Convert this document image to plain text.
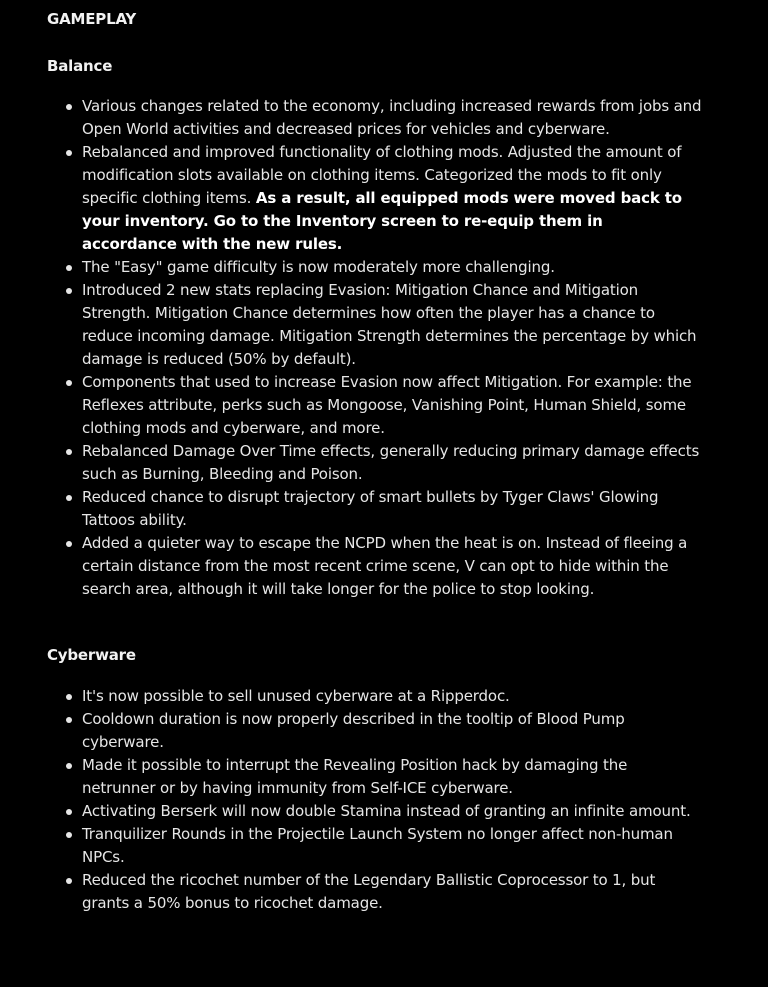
GAMEPLAY
Balance
Various changes related to the economy, including increased rewards from jobs and Open World activities and decreased prices for vehicles and cyberware.
Rebalanced and improved functionality of clothing mods. Adjusted the amount of modification slots available on clothing items. Categorized the mods to fit only specific clothing items. As a result, all equipped mods were moved back to your inventory. Go to the Inventory screen to re-equip them in accordance with the new rules.
The "Easy" game difficulty is now moderately more challenging.
Introduced 2 new stats replacing Evasion: Mitigation Chance and Mitigation Strength. Mitigation Chance determines how often the player has a chance to reduce incoming damage. Mitigation Strength determines the percentage by which damage is reduced (50% by default).
Components that used to increase Evasion now affect Mitigation. For example: the Reflexes attribute, perks such as Mongoose, Vanishing Point, Human Shield, some clothing mods and cyberware, and more.
Rebalanced Damage Over Time effects, generally reducing primary damage effects such as Burning, Bleeding and Poison.
Reduced chance to disrupt trajectory of smart bullets by Tyger Claws' Glowing Tattoos ability.
Added a quieter way to escape the NCPD when the heat is on. Instead of fleeing a certain distance from the most recent crime scene, V can opt to hide within the search area, although it will take longer for the police to stop looking.
Cyberware
It's now possible to sell unused cyberware at a Ripperdoc.
Cooldown duration is now properly described in the tooltip of Blood Pump cyberware.
Made it possible to interrupt the Revealing Position hack by damaging the netrunner or by having immunity from Self-ICE cyberware.
Activating Berserk will now double Stamina instead of granting an infinite amount.
Tranquilizer Rounds in the Projectile Launch System no longer affect non-human NPCs.
Reduced the ricochet number of the Legendary Ballistic Coprocessor to 1, but grants a 50% bonus to ricochet damage.
